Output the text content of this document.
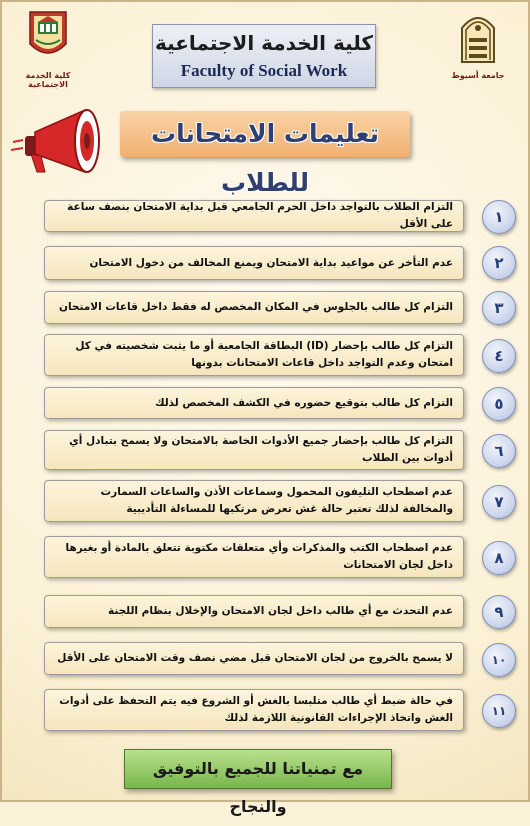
كلية الخدمة الاجتماعية
كلية الخدمة الاجتماعية
Faculty of Social Work	جامعة أسيوط
تعليمات الامتحانات للطلاب
التزام الطلاب بالتواجد داخل الحرم الجامعي قبل بداية الامتحان بنصف ساعة على الأقل	١
عدم التأخر عن مواعيد بداية الامتحان ويمنع المخالف من دخول الامتحان	٢
التزام كل طالب بالجلوس في المكان المخصص له فقط داخل قاعات الامتحان	٣
التزام كل طالب بإحضار (ID) البطاقة الجامعية أو ما يثبت شخصيته في كل امتحان وعدم التواجد داخل قاعات الامتحانات بدونها	٤
التزام كل طالب بتوقيع حضوره في الكشف المخصص لذلك	٥
التزام كل طالب بإحضار جميع الأدوات الخاصة بالامتحان ولا يسمح بتبادل أي أدوات بين الطلاب	٦
عدم اصطحاب التليفون المحمول وسماعات الأذن والساعات السمارت والمخالفة لذلك تعتبر حالة غش تعرض مرتكبها للمساءلة التأديبية	٧
عدم اصطحاب الكتب والمذكرات وأي متعلقات مكتوبة تتعلق بالمادة أو بغيرها داخل لجان الامتحانات	٨
عدم التحدث مع أي طالب داخل لجان الامتحان والإخلال بنظام اللجنة	٩
لا يسمح بالخروج من لجان الامتحان قبل مضي نصف وقت الامتحان على الأقل	١٠
في حالة ضبط أي طالب متلبسا بالغش أو الشروع فيه يتم التحفظ على أدوات الغش واتخاذ الإجراءات القانونية اللازمة لذلك	١١
مع تمنياتنا للجميع بالتوفيق والنجاح
